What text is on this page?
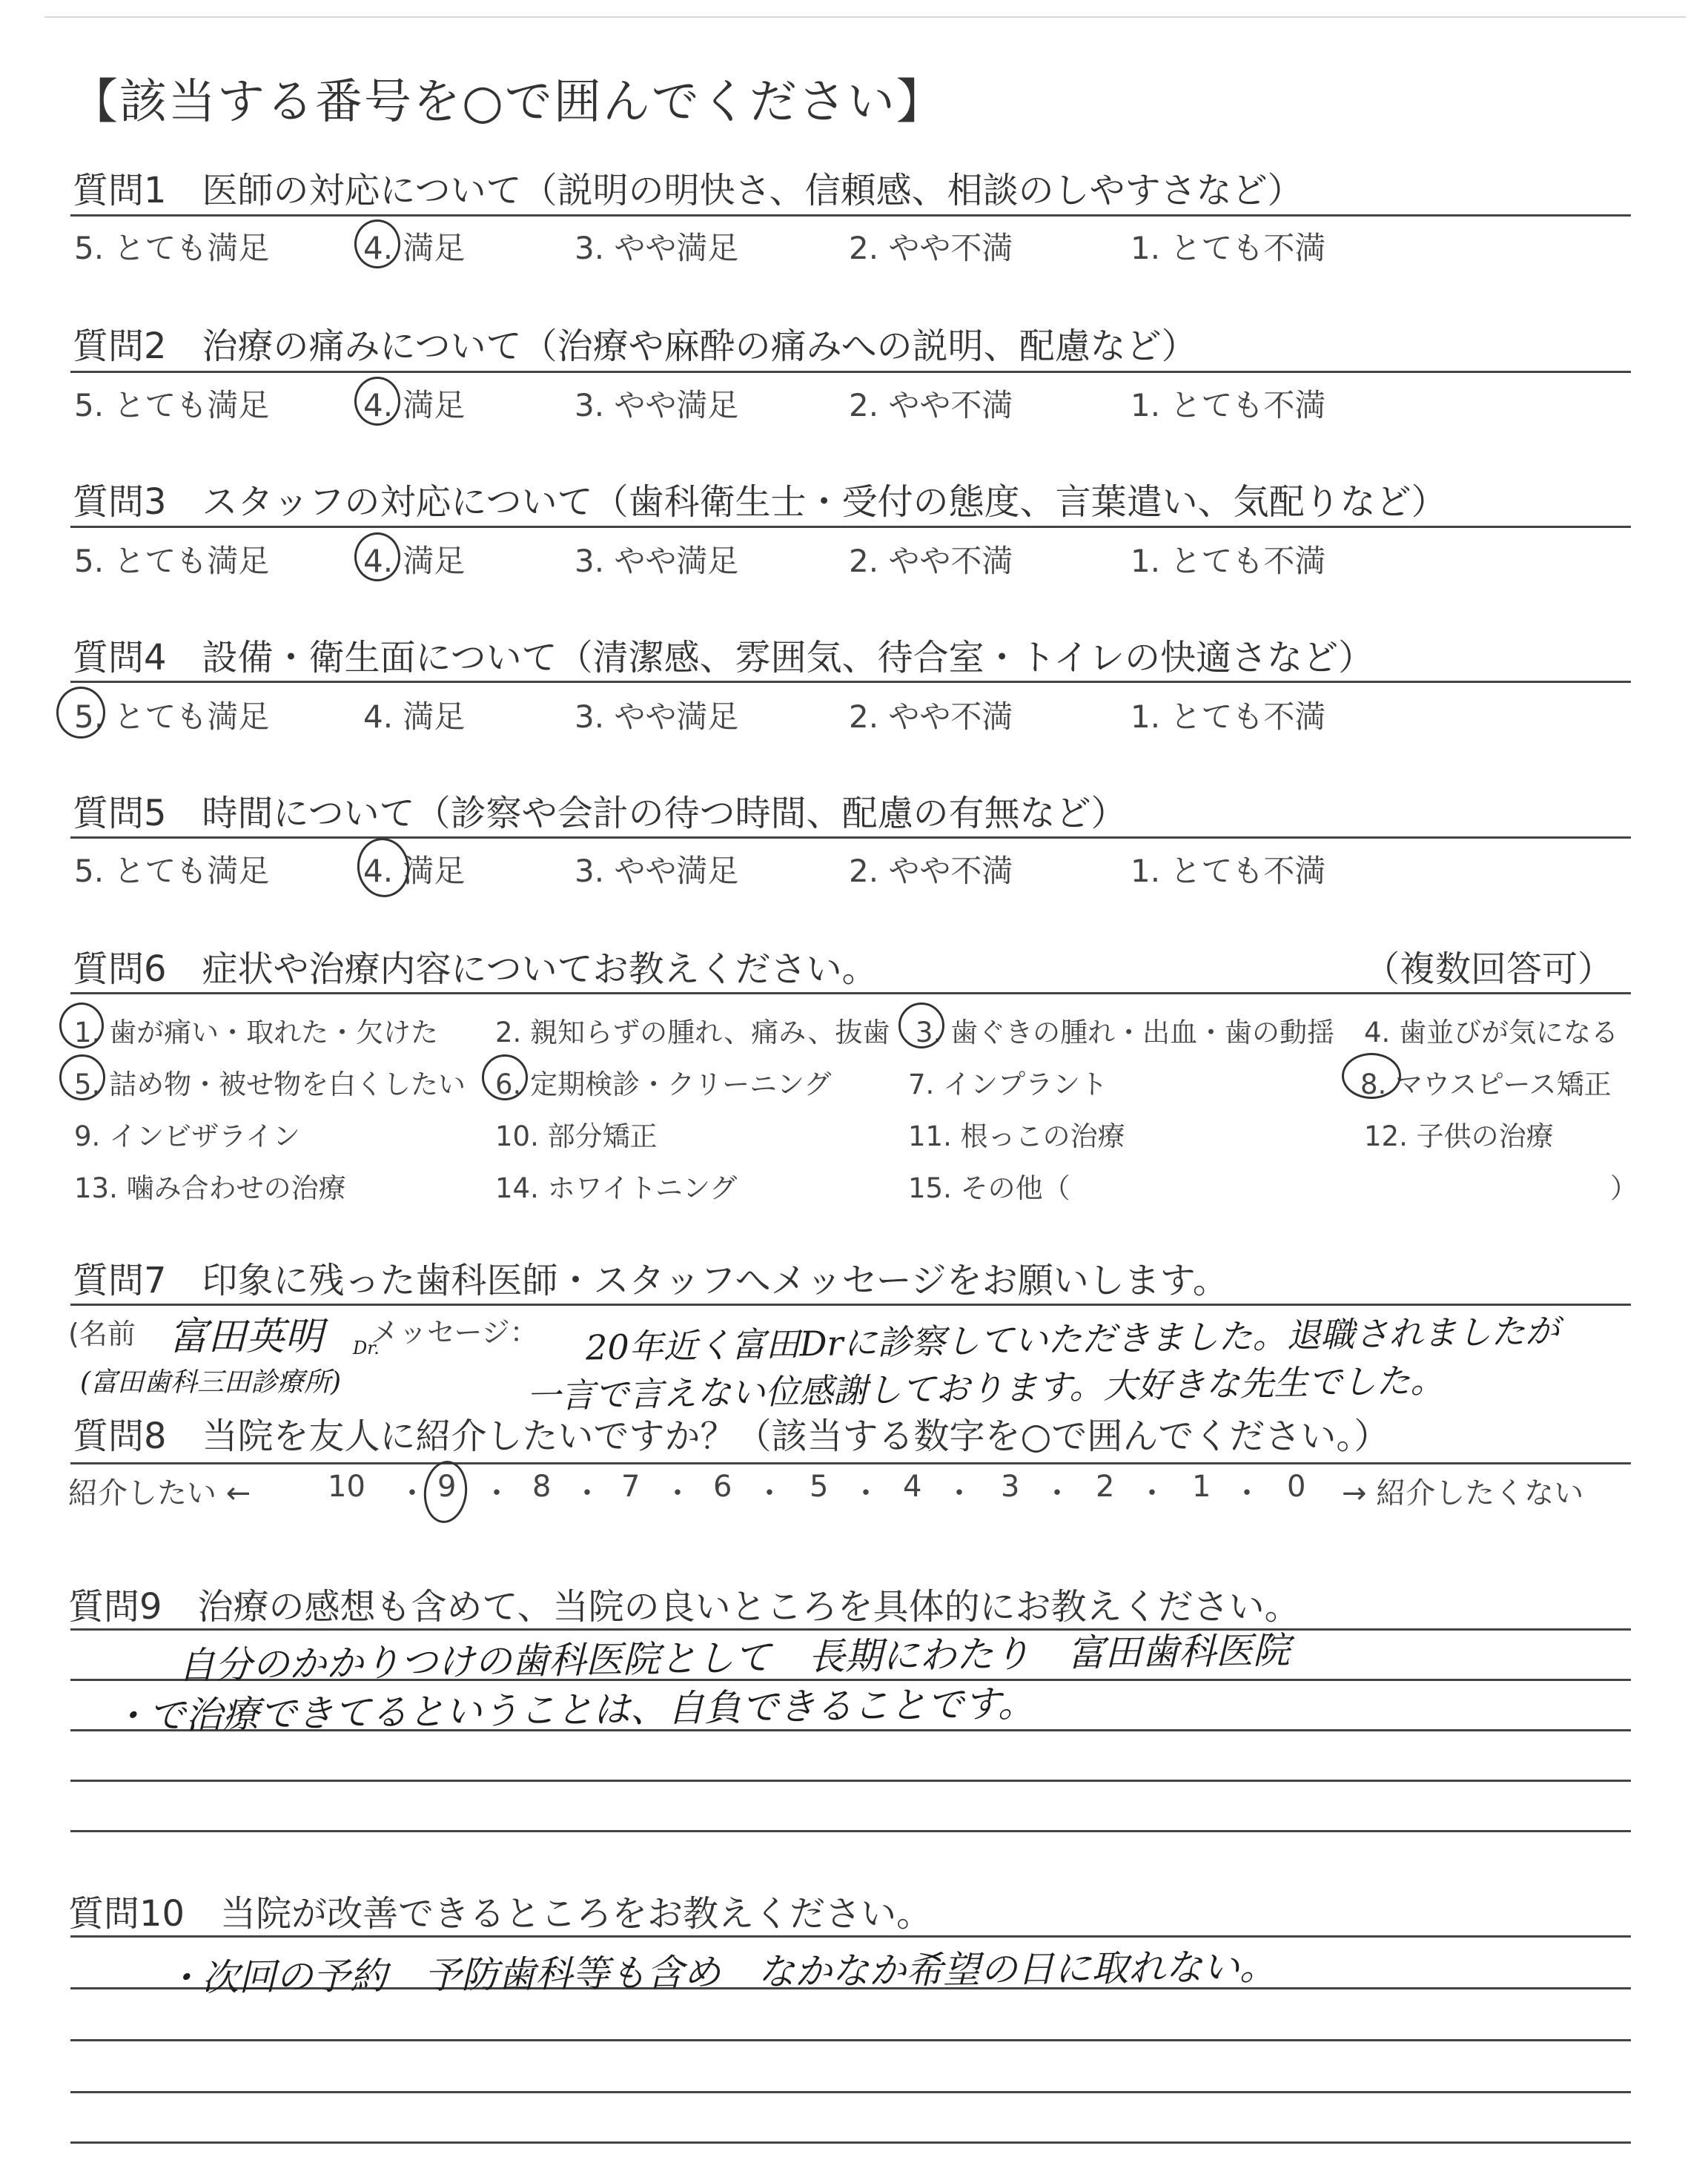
【該当する番号を○で囲んでください】
質問1　医師の対応について（説明の明快さ、信頼感、相談のしやすさなど）
5. とても満足	4. 満足	3. やや満足	2. やや不満	1. とても不満
質問2　治療の痛みについて（治療や麻酔の痛みへの説明、配慮など）
5. とても満足	4. 満足	3. やや満足	2. やや不満	1. とても不満
質問3　スタッフの対応について（歯科衛生士・受付の態度、言葉遣い、気配りなど）
5. とても満足	4. 満足	3. やや満足	2. やや不満	1. とても不満
質問4　設備・衛生面について（清潔感、雰囲気、待合室・トイレの快適さなど）
5. とても満足	4. 満足	3. やや満足	2. やや不満	1. とても不満
質問5　時間について（診察や会計の待つ時間、配慮の有無など）
5. とても満足	4. 満足	3. やや満足	2. やや不満	1. とても不満
質問6　症状や治療内容についてお教えください。	（複数回答可）
1. 歯が痛い・取れた・欠けた 2. 親知らずの腫れ、痛み、抜歯 3. 歯ぐきの腫れ・出血・歯の動揺 4. 歯並びが気になる
5. 詰め物・被せ物を白くしたい 6. 定期検診・クリーニング	7. インプラント	8. マウスピース矯正
9. インビザライン	10. 部分矯正	11. 根っこの治療	12. 子供の治療
13. 噛み合わせの治療	14. ホワイトニング	15. その他（	）
質問7　印象に残った歯科医師・スタッフへメッセージをお願いします。
(名前 富田英明 Dr.
(富田歯科三田診療所)
メッセージ： 20年近く富田Drに診察していただきました。退職されましたが
一言で言えない位感謝しております。大好きな先生でした。
質問8　当院を友人に紹介したいですか？（該当する数字を○で囲んでください。）
紹介したい ←	10 ・ 9 ・ 8 ・ 7 ・ 6 ・ 5 ・ 4 ・ 3 ・ 2 ・ 1 ・ 0 → 紹介したくない
質問9　治療の感想も含めて、当院の良いところを具体的にお教えください。
自分のかかりつけの歯科医院として　長期にわたり　富田歯科医院
・で治療できてるということは、自負できることです。
質問10　当院が改善できるところをお教えください。
・次回の予約　予防歯科等も含め　なかなか希望の日に取れない。
